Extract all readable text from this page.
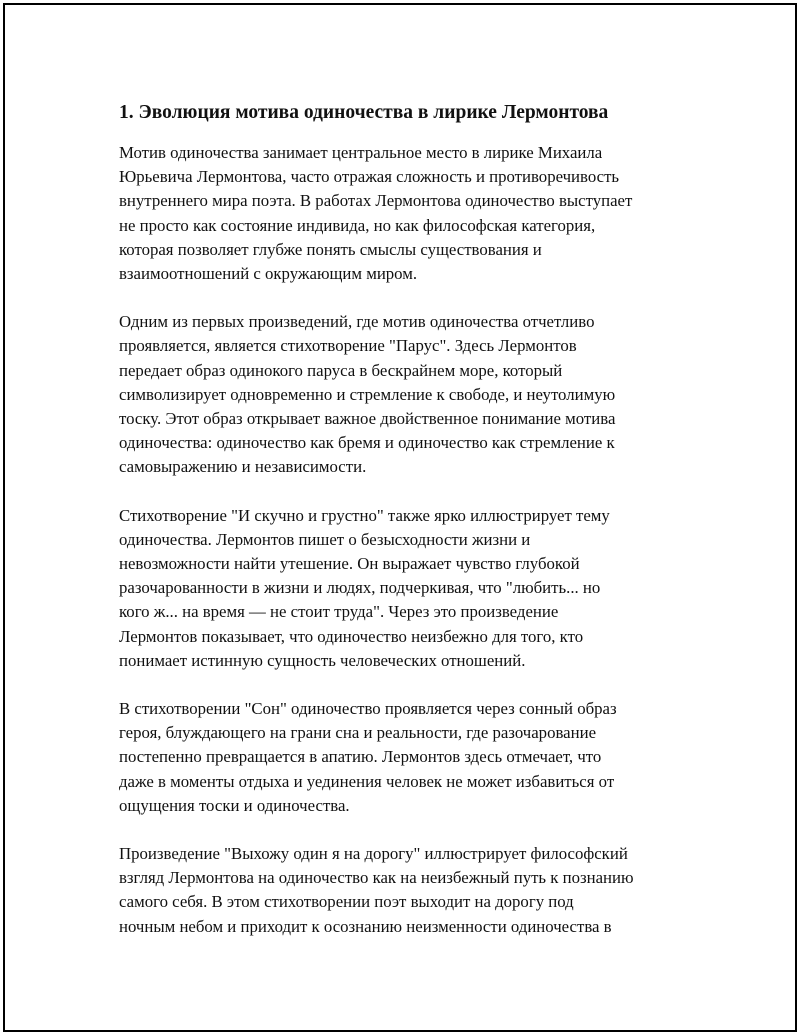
1. Эволюция мотива одиночества в лирике Лермонтова

Мотив одиночества занимает центральное место в лирике Михаила
Юрьевича Лермонтова, часто отражая сложность и противоречивость
внутреннего мира поэта. В работах Лермонтова одиночество выступает
не просто как состояние индивида, но как философская категория,
которая позволяет глубже понять смыслы существования и
взаимоотношений с окружающим миром.

Одним из первых произведений, где мотив одиночества отчетливо
проявляется, является стихотворение "Парус". Здесь Лермонтов
передает образ одинокого паруса в бескрайнем море, который
символизирует одновременно и стремление к свободе, и неутолимую
тоску. Этот образ открывает важное двойственное понимание мотива
одиночества: одиночество как бремя и одиночество как стремление к
самовыражению и независимости.

Стихотворение "И скучно и грустно" также ярко иллюстрирует тему
одиночества. Лермонтов пишет о безысходности жизни и
невозможности найти утешение. Он выражает чувство глубокой
разочарованности в жизни и людях, подчеркивая, что "любить... но
кого ж... на время — не стоит труда". Через это произведение
Лермонтов показывает, что одиночество неизбежно для того, кто
понимает истинную сущность человеческих отношений.

В стихотворении "Сон" одиночество проявляется через сонный образ
героя, блуждающего на грани сна и реальности, где разочарование
постепенно превращается в апатию. Лермонтов здесь отмечает, что
даже в моменты отдыха и уединения человек не может избавиться от
ощущения тоски и одиночества.

Произведение "Выхожу один я на дорогу" иллюстрирует философский
взгляд Лермонтова на одиночество как на неизбежный путь к познанию
самого себя. В этом стихотворении поэт выходит на дорогу под
ночным небом и приходит к осознанию неизменности одиночества в
